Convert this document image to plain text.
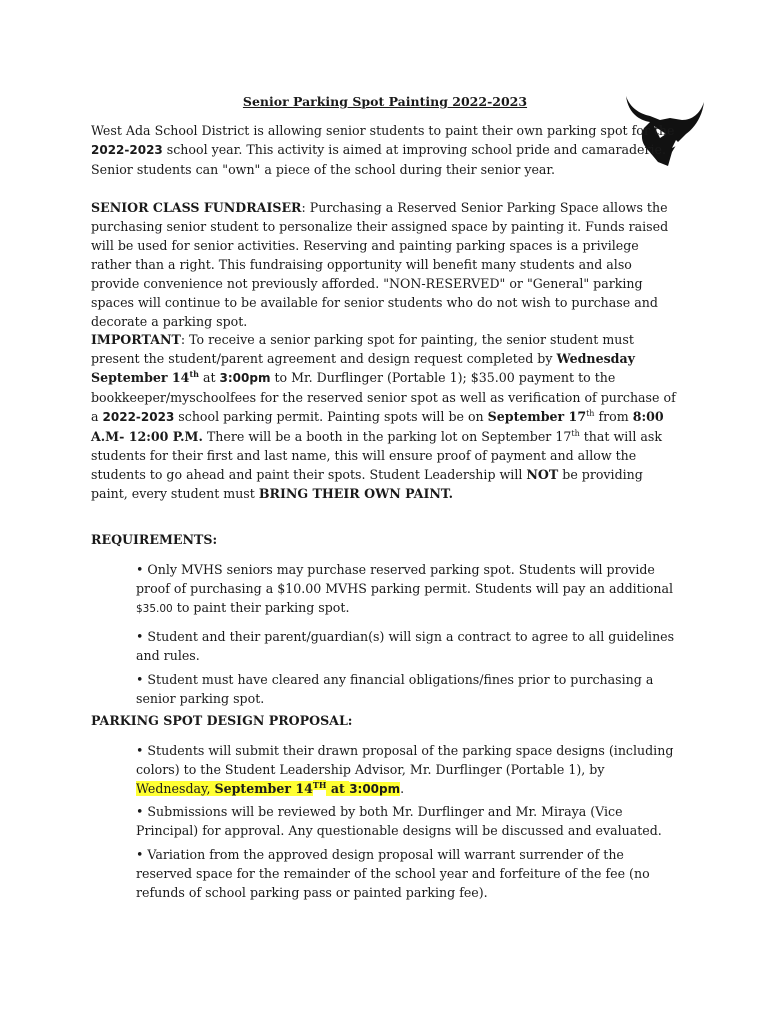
Senior Parking Spot Painting 2022-2023

West Ada School District is allowing senior students to paint their own parking spot for the 2022-2023 school year. This activity is aimed at improving school pride and camaraderie. Senior students can "own" a piece of the school during their senior year.

SENIOR CLASS FUNDRAISER: Purchasing a Reserved Senior Parking Space allows the purchasing senior student to personalize their assigned space by painting it. Funds raised will be used for senior activities. Reserving and painting parking spaces is a privilege rather than a right. This fundraising opportunity will benefit many students and also provide convenience not previously afforded. "NON-RESERVED" or "General" parking spaces will continue to be available for senior students who do not wish to purchase and decorate a parking spot.

IMPORTANT: To receive a senior parking spot for painting, the senior student must present the student/parent agreement and design request completed by Wednesday September 14th at 3:00pm to Mr. Durflinger (Portable 1); $35.00 payment to the bookkeeper/myschoolfees for the reserved senior spot as well as verification of purchase of a 2022-2023 school parking permit. Painting spots will be on September 17th from 8:00 A.M- 12:00 P.M. There will be a booth in the parking lot on September 17th that will ask students for their first and last name, this will ensure proof of payment and allow the students to go ahead and paint their spots. Student Leadership will NOT be providing paint, every student must BRING THEIR OWN PAINT.

REQUIREMENTS:

• Only MVHS seniors may purchase reserved parking spot. Students will provide proof of purchasing a $10.00 MVHS parking permit. Students will pay an additional $35.00 to paint their parking spot.

• Student and their parent/guardian(s) will sign a contract to agree to all guidelines and rules.

• Student must have cleared any financial obligations/fines prior to purchasing a senior parking spot.

PARKING SPOT DESIGN PROPOSAL:

• Students will submit their drawn proposal of the parking space designs (including colors) to the Student Leadership Advisor, Mr. Durflinger (Portable 1), by Wednesday, September 14TH at 3:00pm.

• Submissions will be reviewed by both Mr. Durflinger and Mr. Miraya (Vice Principal) for approval. Any questionable designs will be discussed and evaluated.

• Variation from the approved design proposal will warrant surrender of the reserved space for the remainder of the school year and forfeiture of the fee (no refunds of school parking pass or painted parking fee).
